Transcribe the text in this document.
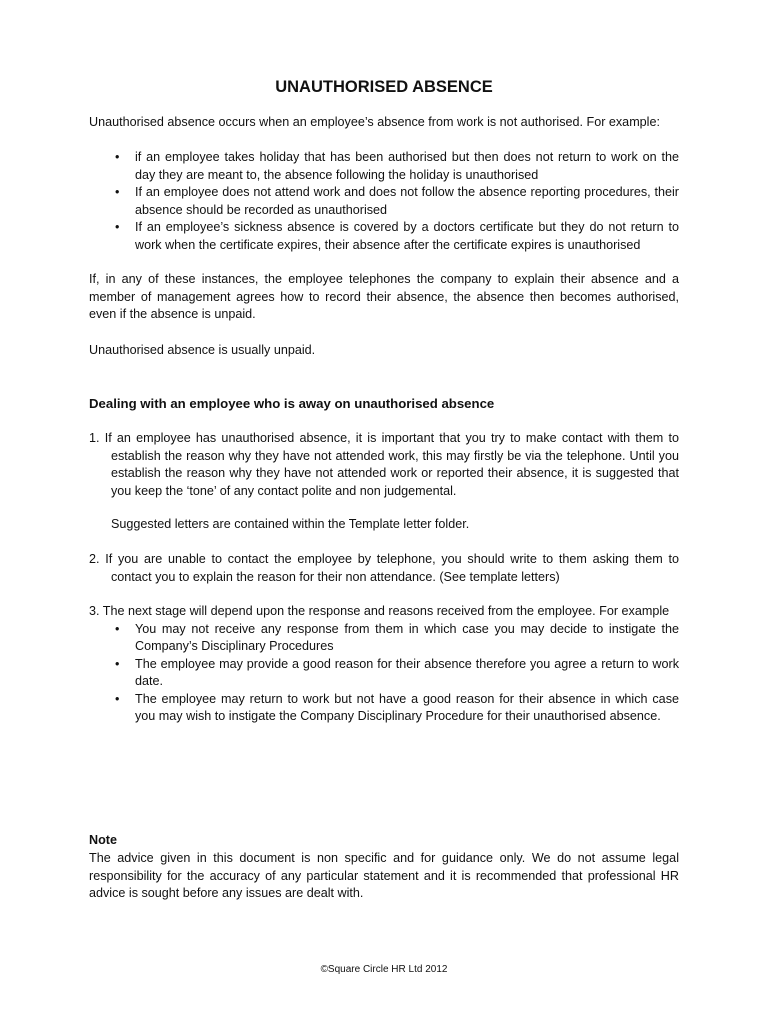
UNAUTHORISED ABSENCE
Unauthorised absence occurs when an employee’s absence from work is not authorised. For example:
• if an employee takes holiday that has been authorised but then does not return to work on the day they are meant to, the absence following the holiday is unauthorised
• If an employee does not attend work and does not follow the absence reporting procedures, their absence should be recorded as unauthorised
• If an employee’s sickness absence is covered by a doctors certificate but they do not return to work when the certificate expires, their absence after the certificate expires is unauthorised
If, in any of these instances, the employee telephones the company to explain their absence and a member of management agrees how to record their absence, the absence then becomes authorised, even if the absence is unpaid.
Unauthorised absence is usually unpaid.
Dealing with an employee who is away on unauthorised absence
1. If an employee has unauthorised absence, it is important that you try to make contact with them to establish the reason why they have not attended work, this may firstly be via the telephone. Until you establish the reason why they have not attended work or reported their absence, it is suggested that you keep the ‘tone’ of any contact polite and non judgemental.
Suggested letters are contained within the Template letter folder.
2. If you are unable to contact the employee by telephone, you should write to them asking them to contact you to explain the reason for their non attendance. (See template letters)
3. The next stage will depend upon the response and reasons received from the employee. For example
• You may not receive any response from them in which case you may decide to instigate the Company’s Disciplinary Procedures
• The employee may provide a good reason for their absence therefore you agree a return to work date.
• The employee may return to work but not have a good reason for their absence in which case you may wish to instigate the Company Disciplinary Procedure for their unauthorised absence.
Note
The advice given in this document is non specific and for guidance only. We do not assume legal responsibility for the accuracy of any particular statement and it is recommended that professional HR advice is sought before any issues are dealt with.
©Square Circle HR Ltd 2012
